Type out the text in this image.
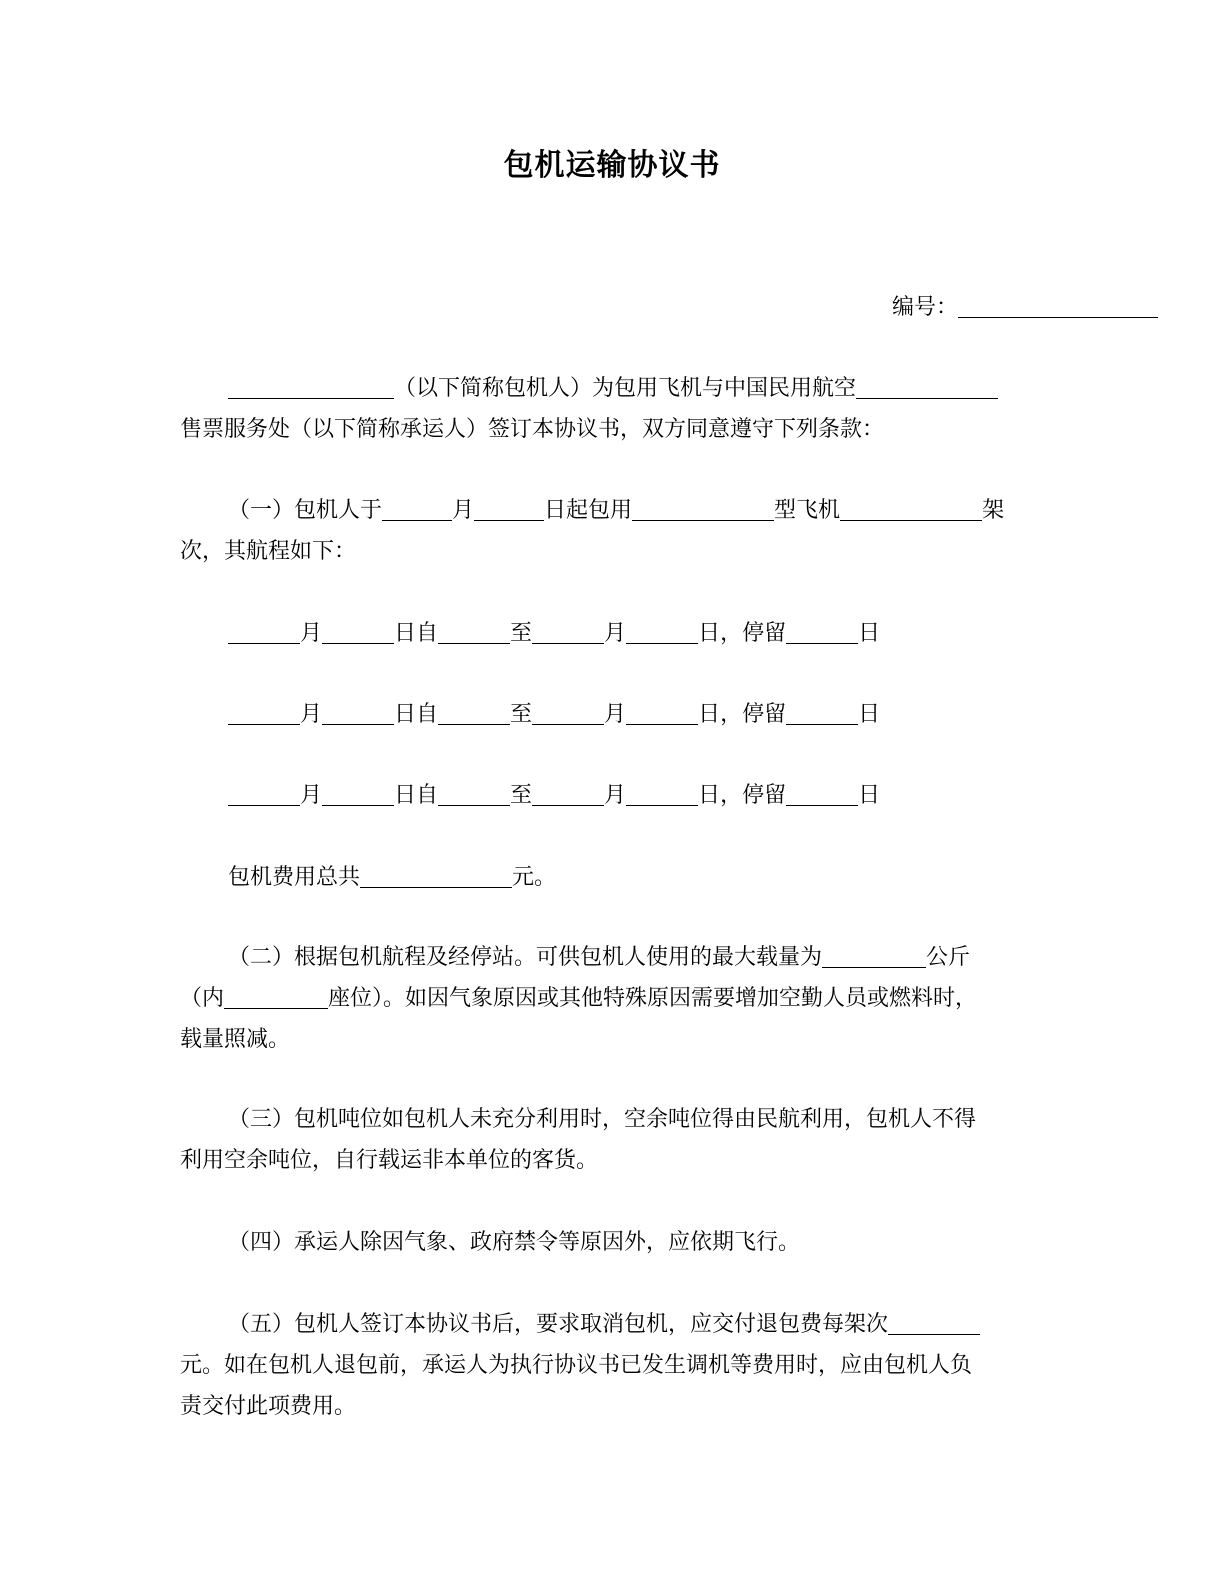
包机运输协议书
编号：
（以下简称包机人）为包用飞机与中国民用航空
售票服务处（以下简称承运人）签订本协议书，双方同意遵守下列条款：
（一）包机人于	月	日起包用	型飞机	架
次，其航程如下：
月	日自	至	月	日，停留	日
月	日自	至	月	日，停留	日
月	日自	至	月	日，停留	日
包机费用总共	元。
（二）根据包机航程及经停站。可供包机人使用的最大载量为	公斤
（内	座位）。如因气象原因或其他特殊原因需要增加空勤人员或燃料时，
载量照减。
（三）包机吨位如包机人未充分利用时，空余吨位得由民航利用，包机人不得
利用空余吨位，自行载运非本单位的客货。
（四）承运人除因气象、政府禁令等原因外，应依期飞行。
（五）包机人签订本协议书后，要求取消包机，应交付退包费每架次
元。如在包机人退包前，承运人为执行协议书已发生调机等费用时，应由包机人负
责交付此项费用。
